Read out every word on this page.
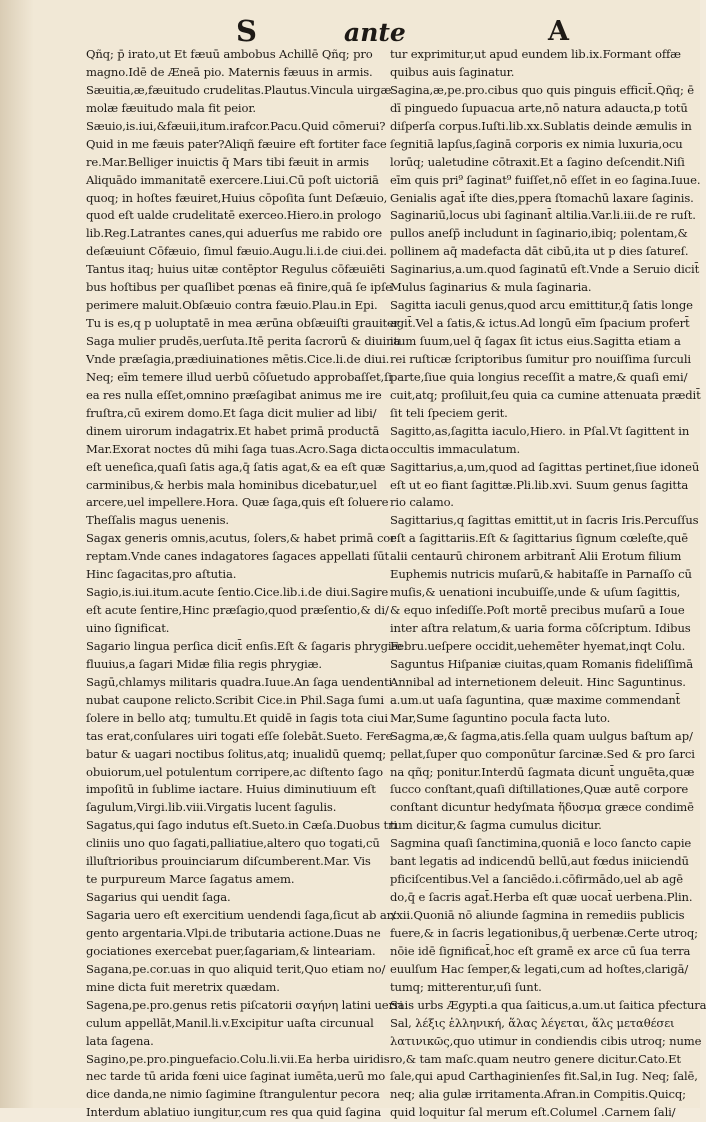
S	ante	A
Qñq; p̄ irato,ut Et fæuū ambobus Achillē Qñq; pro
magno.Idē de Æneā pio. Maternis fæuus in armis.
Sæuitia,æ,fæuitudo crudelitas.Plautus.Vincula uirgæ
molæ fæuitudo mala fit peior.
Sæuio,is.iui,&fæuii,itum.irafcor.Pacu.Quid cōmerui?
Quid in me fæuis pater?Aliqñ fæuire eft fortiter face
re.Mar.Belliger inuictis q̄ Mars tibi fæuit in armis
Aliquādo immanitatē exercere.Liui.Cū poſt uictoriā
quoq; in hoſtes fæuiret,Huius cōpoſita ſunt Deſæuio,
quod eſt ualde crudelitatē exerceo.Hiero.in prologo
lib.Reg.Latrantes canes,qui aduerſus me rabido ore
deſæuiunt Cōfæuio, ſimul fæuio.Augu.li.i.de ciui.dei.
Tantus itaq; huius uitæ contēptor Regulus cōfæuiēti
bus hoſtibus per quaſlibet pœnas eā finire,quā ſe ipſe
perimere maluit.Obſæuio contra fæuio.Plau.in Epi.
Tu is es,q p uoluptatē in mea ærūna obſæuiſti grauiter
Saga mulier prudēs,uerſuta.Itē perita ſacrorū & diuina
Vnde præſagia,prædiuinationes mētis.Cice.li.de diui.
Neq; eīm temere illud uerbū cōſuetudo approbaſſet,ſi
ea res nulla eſſet,omnino præſagibat animus me ire
fruſtra,cū exirem domo.Et ſaga dicit mulier ad libi/
dinem uirorum indagatrix.Et habet primā productā
Mar.Exorat noctes dū mihi ſaga tuas.Acro.Saga dicta
eſt ueneſica,quaſi ſatis aga,q̄ ſatis agat,& ea eſt quæ
carminibus,& herbis mala hominibus dicebatur,uel
arcere,uel impellere.Hora. Quæ ſaga,quis eſt ſoluere
Theſſalis magus uenenis.
Sagax generis omnis,acutus, ſolers,& habet primā cor
reptam.Vnde canes indagatores ſagaces appellati ſūt
Hinc ſagacitas,pro aſtutia.
Sagio,is.iui.itum.acute ſentio.Cice.lib.i.de diui.Sagire
eſt acute ſentire,Hinc præſagio,quod præſentio,& di/
uino ſignificat.
Sagario lingua perſica dicit̄ enſis.Eſt & ſagaris phrygiæ
fluuius,a ſagari Midæ filia regis phrygiæ.
Sagū,chlamys militaris quadra.Iuue.An ſaga uendenti
nubat caupone relicto.Scribit Cice.in Phil.Saga ſumi
ſolere in bello atq; tumultu.Et quidē in ſagis tota ciui
tas erat,conſulares uiri togati eſſe ſolebāt.Sueto. Fere
batur & uagari noctibus ſolitus,atq; inualidū quemq;
obuiorum,uel potulentum corripere,ac diſtento ſago
impoſitū in ſublime iactare. Huius diminutiuum eſt
ſagulum,Virgi.lib.viii.Virgatis lucent ſagulis.
Sagatus,qui ſago indutus eſt.Sueto.in Cæſa.Duobus tri
cliniis uno quo ſagati,palliatiue,altero quo togati,cū
illuſtrioribus prouinciarum diſcumberent.Mar. Vis
te purpureum Marce ſagatus amem.
Sagarius qui uendit ſaga.
Sagaria uero eſt exercitium uendendi ſaga,ſicut ab ar/
gento argentaria.Vlpi.de tributaria actione.Duas ne
gociationes exercebat puer,ſagariam,& linteariam.
Sagana,pe.cor.uas in quo aliquid terit,Quo etiam no/
mine dicta fuit meretrix quædam.
Sagena,pe.pro.genus retis piſcatorii σαγήνη latini uerri
culum appellāt,Manil.li.v.Excipitur uaſta circunual
lata ſagena.
Sagino,pe.pro.pinguefacio.Colu.li.vii.Ea herba uiridis
nec tarde tū arida fœni uice ſaginat iumēta,uerū mo
dice danda,ne nimio ſagimine ſtrangulentur pecora
Interdum ablatiuo iungitur,cum res qua quid ſagina
tur exprimitur,ut apud eundem lib.ix.Formant offæ
quibus auis ſaginatur.
Sagina,æ,pe.pro.cibus quo quis pinguis efficit̄.Qñq; ē
dī pinguedo ſupuacua arte,nō natura adaucta,p totū
diſperſa corpus.Iuſti.lib.xx.Sublatis deinde æmulis in
ſegnitiā lapſus,ſaginā corporis ex nimia luxuria,ocu
lorūq; ualetudine cōtraxit.Et a ſagino deſcendit.Niſi
eīm quis pri⁹ ſaginat⁹ fuiſſet,nō eſſet in eo ſagina.Iuue.
Genialis agat̄ iſte dies,ppera ſtomachū laxare ſaginis.
Saginariū,locus ubi ſaginant̄ altilia.Var.li.iii.de re ruſt.
pullos aneſp̄ includunt in ſaginario,ibiq; polentam,&
pollinem aq̄ madefacta dāt cibū,ita ut p dies ſatureſ.
Saginarius,a.um.quod ſaginatū eſt.Vnde a Seruio dicit̄
Mulus ſaginarius & mula ſaginaria.
Sagitta iaculi genus,quod arcu emittitur,q̄ ſatis longe
agit̄.Vel a ſatis,& ictus.Ad longū eīm ſpacium profert̄
itum ſuum,uel q̄ ſagax ſit ictus eius.Sagitta etiam a
rei ruſticæ ſcriptoribus ſumitur pro nouiſſima ſurculi
parte,ſiue quia longius receſſit a matre,& quaſi emi/
cuit,atq; proſiluit,ſeu quia ca cumine attenuata prædit̄
ſit teli ſpeciem gerit.
Sagitto,as,ſagitta iaculo,Hiero. in Pſal.Vt ſagittent in
occultis immaculatum.
Sagittarius,a,um,quod ad ſagittas pertinet,ſiue idoneū
eſt ut eo fiant ſagittæ.Pli.lib.xvi. Suum genus ſagitta
rio calamo.
Sagittarius,q ſagittas emittit,ut in ſacris Iris.Percuſſus
eſt a ſagittariis.Eſt & ſagittarius ſignum cœleſte,quē
alii centaurū chironem arbitrant̄ Alii Erotum filium
Euphemis nutricis muſarū,& habitaſſe in Parnaſſo cū
muſis,& uenationi incubuiſſe,unde & uſum ſagittis,
& equo inſediſſe.Poſt mortē precibus muſarū a Ioue
inter aſtra relatum,& uaria forma cōſcriptum. Idibus
Febru.ueſpere occidit,uehemēter hyemat,inqt Colu.
Saguntus Hiſpaniæ ciuitas,quam Romanis fideliſſimā
Annibal ad internetionem deleuit. Hinc Saguntinus.
a.um.ut uaſa ſaguntina, quæ maxime commendant̄
Mar,Sume ſaguntino pocula facta luto.
Sagma,æ,& ſagma,atis.ſella quam uulgus baſtum ap/
pellat,ſuper quo componūtur ſarcinæ.Sed & pro ſarci
na qñq; ponitur.Interdū ſagmata dicunt̄ unguēta,quæ
ſucco conſtant,quaſi diſtillationes,Quæ autē corpore
conſtant dicuntur hedyſmata ἥδυσμα græce condimē
tum dicitur,& ſagma cumulus dicitur.
Sagmina quaſi ſanctimina,quoniā e loco ſancto capie
bant legatis ad indicendū bellū,aut fœdus iniiciendū
pficiſcentibus.Vel a ſanciēdo.i.cōfirmādo,uel ab agē
do,q̄ e ſacris agat̄.Herba eſt quæ uocat̄ uerbena.Plin.
xxii.Quoniā nō aliunde ſagmina in remediis publicis
fuere,& in ſacris legationibus,q̄ uerbenæ.Certe utroq;
nōie idē ſignificat̄,hoc eſt gramē ex arce cū ſua terra
euulſum Hac ſemper,& legati,cum ad hoſtes,clarigā/
tumq; mitterentur,uſi ſunt.
Sais urbs Ægypti.a qua ſaiticus,a.um.ut ſaitica pfectura
Sal, λέξις ἑλληνική, ἅλας λέγεται, ἅλς μεταθέσει
λατινικῶς,quo utimur in condiendis cibis utroq; nume
ro,& tam maſc.quam neutro genere dicitur.Cato.Et
ſale,qui apud Carthaginienſes fit.Sal,in Iug. Neq; ſalē,
neq; alia gulæ irritamenta.Afran.in Compitis.Quicq;
quid loquitur ſal merum eſt.Columel .Carnem ſali/
